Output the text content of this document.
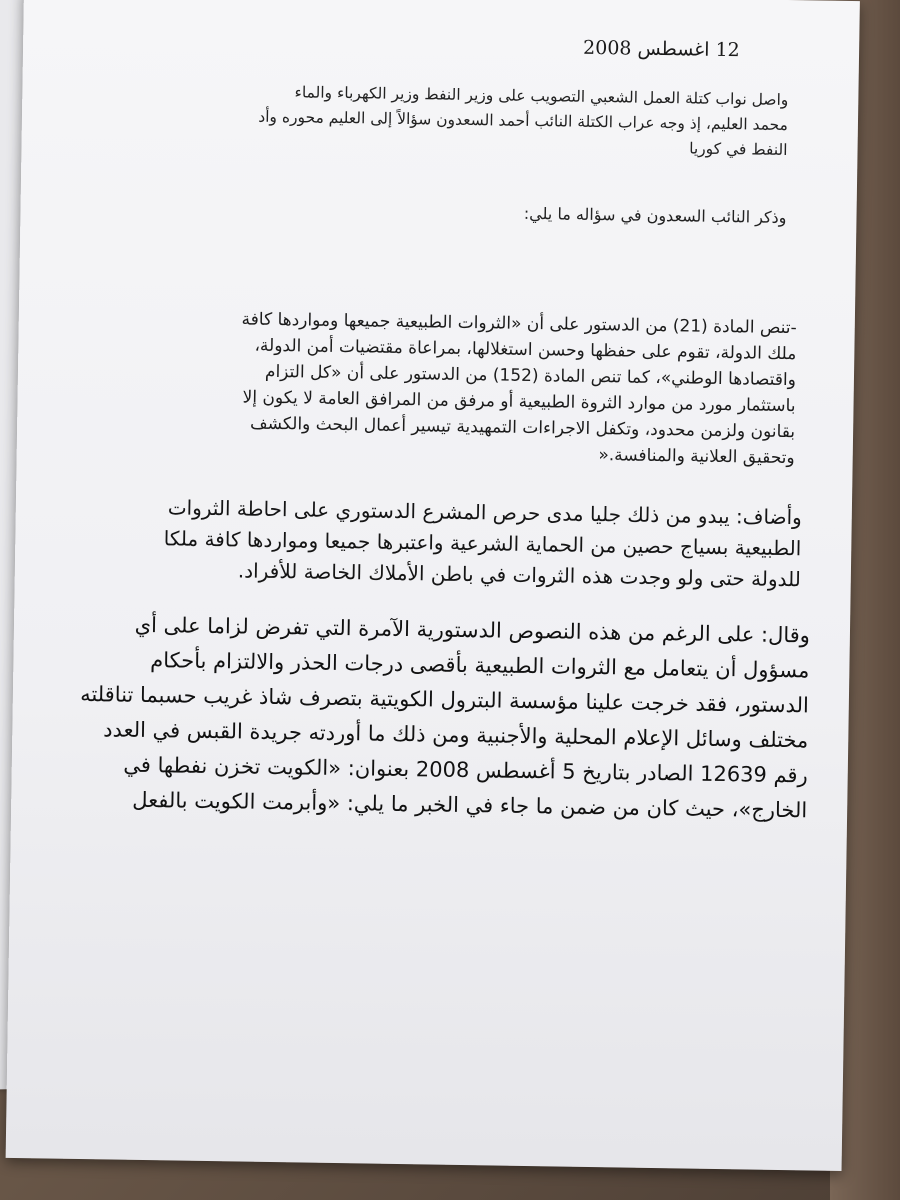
12 اغسطس 2008
واصل نواب كتلة العمل الشعبي التصويب على وزير النفط وزير الكهرباء والماء
محمد العليم، إذ وجه عراب الكتلة النائب أحمد السعدون سؤالاً إلى العليم محوره وأد
النفط في كوريا
وذكر النائب السعدون في سؤاله ما يلي:
-تنص المادة (21) من الدستور على أن «الثروات الطبيعية جميعها ومواردها كافة
ملك الدولة، تقوم على حفظها وحسن استغلالها، بمراعاة مقتضيات أمن الدولة،
واقتصادها الوطني»، كما تنص المادة (152) من الدستور على أن «كل التزام
باستثمار مورد من موارد الثروة الطبيعية أو مرفق من المرافق العامة لا يكون إلا
بقانون ولزمن محدود، وتكفل الاجراءات التمهيدية تيسير أعمال البحث والكشف
وتحقيق العلانية والمنافسة.«
وأضاف: يبدو من ذلك جليا مدى حرص المشرع الدستوري على احاطة الثروات
الطبيعية بسياج حصين من الحماية الشرعية واعتبرها جميعا ومواردها كافة ملكا
للدولة حتى ولو وجدت هذه الثروات في باطن الأملاك الخاصة للأفراد.
وقال: على الرغم من هذه النصوص الدستورية الآمرة التي تفرض لزاما على أي
مسؤول أن يتعامل مع الثروات الطبيعية بأقصى درجات الحذر والالتزام بأحكام
الدستور، فقد خرجت علينا مؤسسة البترول الكويتية بتصرف شاذ غريب حسبما تناقلته
مختلف وسائل الإعلام المحلية والأجنبية ومن ذلك ما أوردته جريدة القبس في العدد
رقم 12639 الصادر بتاريخ 5 أغسطس 2008 بعنوان: «الكويت تخزن نفطها في
الخارج»، حيث كان من ضمن ما جاء في الخبر ما يلي: «وأبرمت الكويت بالفعل
